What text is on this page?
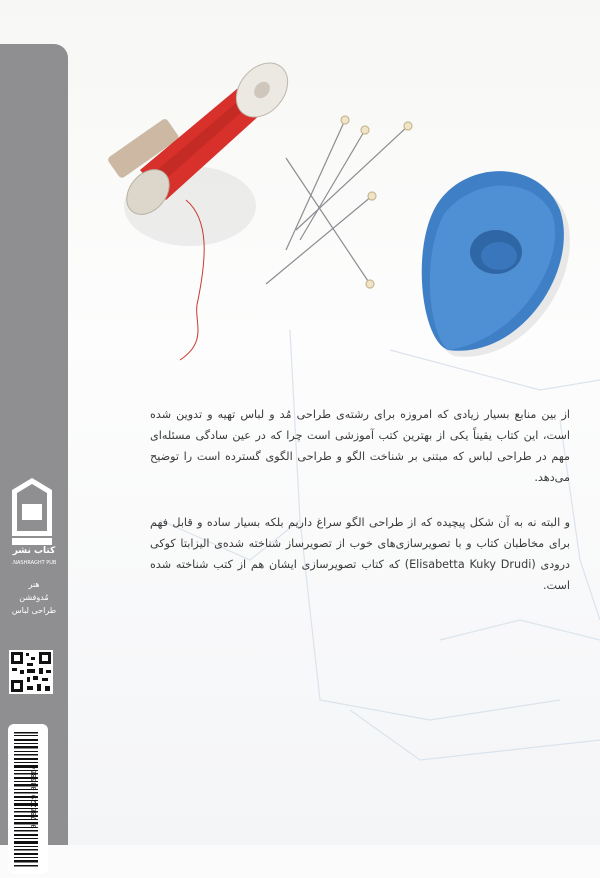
کتاب نشر
NASHRAGHT PUB.
هنر
مُدوفشن
طراحی لباس
9 786229 035864

از بین منابع بسیار زیادی که امروزه برای رشته‌ی طراحی مُد و لباس تهیه و تدوین شده است، این کتاب یقیناً یکی از بهترین کتب آموزشی است چرا که در عین سادگی مسئله‌ای مهم در طراحی لباس که مبتنی بر شناخت الگو و طراحی الگوی گسترده است را توضیح می‌دهد.

و البته نه به آن شکل پیچیده که از طراحی الگو سراغ داریم بلکه بسیار ساده و قابل فهم برای مخاطبان کتاب و با تصویرسازی‌های خوب از تصویرساز شناخته شده‌ی الیزابتا کوکی درودی (Elisabetta Kuky Drudi) که کتاب تصویرسازی ایشان هم از کتب شناخته شده است.
